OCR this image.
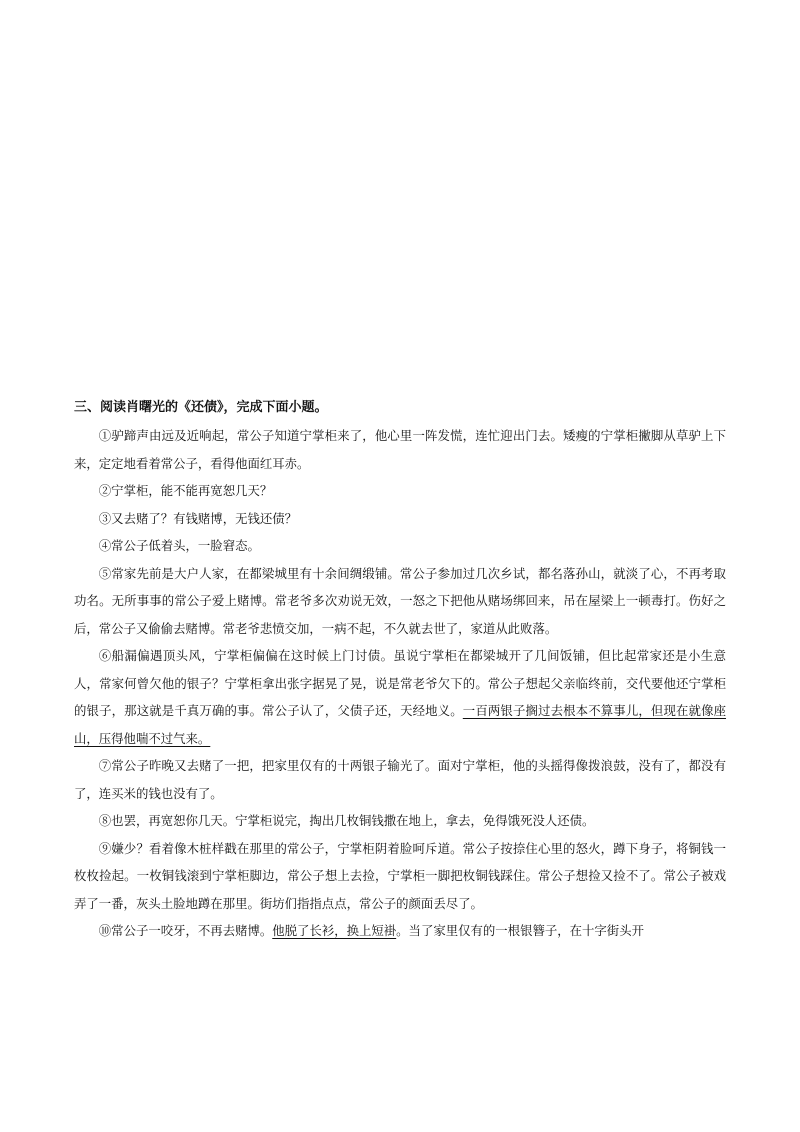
三、阅读肖曙光的《还债》，完成下面小题。

①驴蹄声由远及近响起，常公子知道宁掌柜来了，他心里一阵发慌，连忙迎出门去。矮瘦的宁掌柜撇脚从草驴上下来，定定地看着常公子，看得他面红耳赤。

②宁掌柜，能不能再宽恕几天？

③又去赌了？有钱赌博，无钱还债？

④常公子低着头，一脸窘态。

⑤常家先前是大户人家，在都梁城里有十余间绸缎铺。常公子参加过几次乡试，都名落孙山，就淡了心，不再考取功名。无所事事的常公子爱上赌博。常老爷多次劝说无效，一怒之下把他从赌场绑回来，吊在屋梁上一顿毒打。伤好之后，常公子又偷偷去赌博。常老爷悲愤交加，一病不起，不久就去世了，家道从此败落。

⑥船漏偏遇顶头风，宁掌柜偏偏在这时候上门讨债。虽说宁掌柜在都梁城开了几间饭铺，但比起常家还是小生意人，常家何曾欠他的银子？宁掌柜拿出张字据晃了晃，说是常老爷欠下的。常公子想起父亲临终前，交代要他还宁掌柜的银子，那这就是千真万确的事。常公子认了，父债子还，天经地义。一百两银子搁过去根本不算事儿，但现在就像座山，压得他喘不过气来。

⑦常公子昨晚又去赌了一把，把家里仅有的十两银子输光了。面对宁掌柜，他的头摇得像拨浪鼓，没有了，都没有了，连买米的钱也没有了。

⑧也罢，再宽恕你几天。宁掌柜说完，掏出几枚铜钱撒在地上，拿去，免得饿死没人还债。

⑨嫌少？看着像木桩样戳在那里的常公子，宁掌柜阴着脸呵斥道。常公子按捺住心里的怒火，蹲下身子，将铜钱一枚枚捡起。一枚铜钱滚到宁掌柜脚边，常公子想上去捡，宁掌柜一脚把枚铜钱踩住。常公子想捡又捡不了。常公子被戏弄了一番，灰头土脸地蹲在那里。街坊们指指点点，常公子的颜面丢尽了。

⑩常公子一咬牙，不再去赌博。他脱了长衫，换上短褂。当了家里仅有的一根银簪子，在十字街头开
